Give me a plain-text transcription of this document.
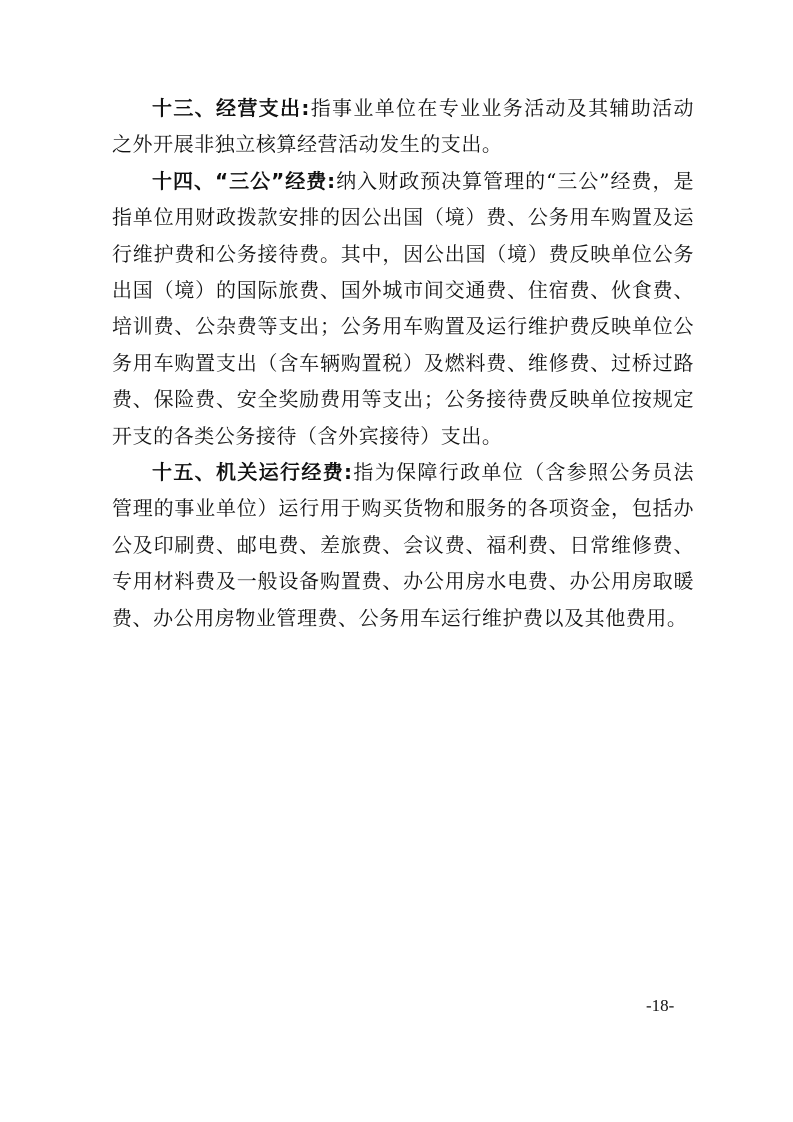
十三、经营支出:指事业单位在专业业务活动及其辅助活动之外开展非独立核算经营活动发生的支出。

十四、“三公”经费:纳入财政预决算管理的“三公”经费，是指单位用财政拨款安排的因公出国（境）费、公务用车购置及运行维护费和公务接待费。其中，因公出国（境）费反映单位公务出国（境）的国际旅费、国外城市间交通费、住宿费、伙食费、培训费、公杂费等支出；公务用车购置及运行维护费反映单位公务用车购置支出（含车辆购置税）及燃料费、维修费、过桥过路费、保险费、安全奖励费用等支出；公务接待费反映单位按规定开支的各类公务接待（含外宾接待）支出。

十五、机关运行经费:指为保障行政单位（含参照公务员法管理的事业单位）运行用于购买货物和服务的各项资金，包括办公及印刷费、邮电费、差旅费、会议费、福利费、日常维修费、专用材料费及一般设备购置费、办公用房水电费、办公用房取暖费、办公用房物业管理费、公务用车运行维护费以及其他费用。

-18-
